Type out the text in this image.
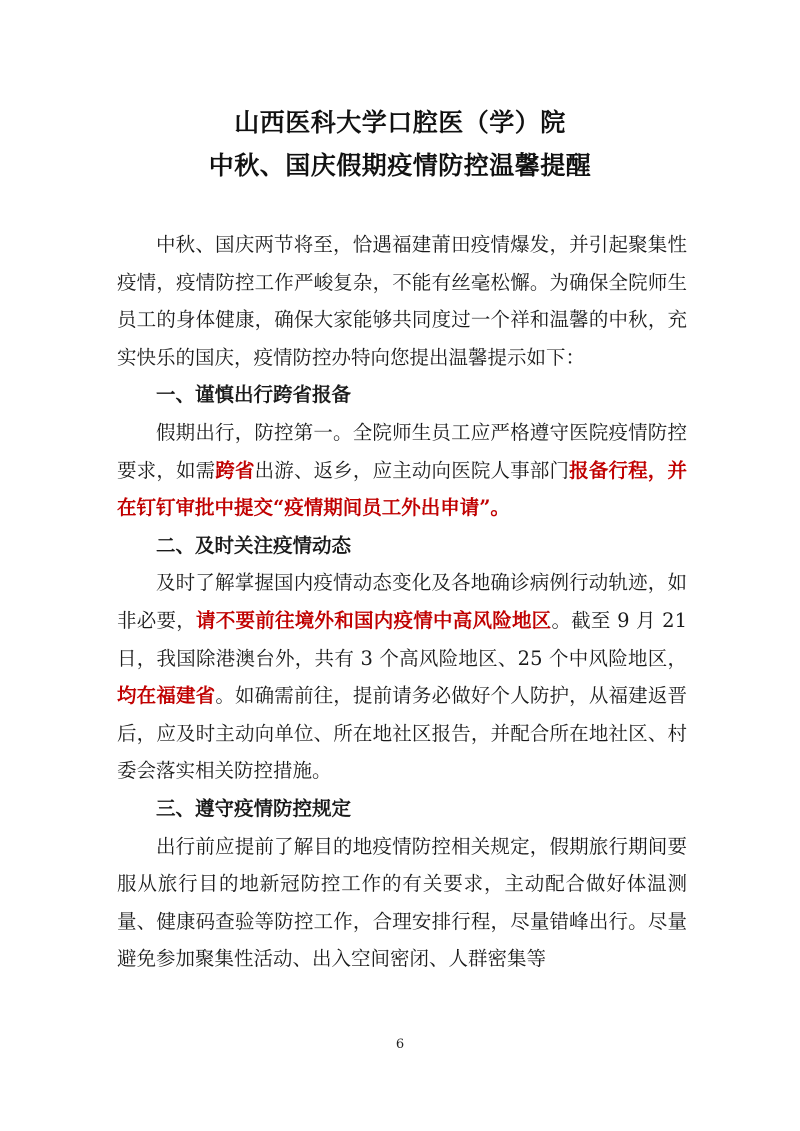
山西医科大学口腔医（学）院
中秋、国庆假期疫情防控温馨提醒

中秋、国庆两节将至，恰遇福建莆田疫情爆发，并引起聚集性疫情，疫情防控工作严峻复杂，不能有丝毫松懈。为确保全院师生员工的身体健康，确保大家能够共同度过一个祥和温馨的中秋，充实快乐的国庆，疫情防控办特向您提出温馨提示如下：

一、谨慎出行跨省报备

假期出行，防控第一。全院师生员工应严格遵守医院疫情防控要求，如需跨省出游、返乡，应主动向医院人事部门报备行程，并在钉钉审批中提交“疫情期间员工外出申请”。

二、及时关注疫情动态

及时了解掌握国内疫情动态变化及各地确诊病例行动轨迹，如非必要，请不要前往境外和国内疫情中高风险地区。截至 9 月 21 日，我国除港澳台外，共有 3 个高风险地区、25 个中风险地区，均在福建省。如确需前往，提前请务必做好个人防护，从福建返晋后，应及时主动向单位、所在地社区报告，并配合所在地社区、村委会落实相关防控措施。

三、遵守疫情防控规定

出行前应提前了解目的地疫情防控相关规定，假期旅行期间要服从旅行目的地新冠防控工作的有关要求，主动配合做好体温测量、健康码查验等防控工作，合理安排行程，尽量错峰出行。尽量避免参加聚集性活动、出入空间密闭、人群密集等

6
